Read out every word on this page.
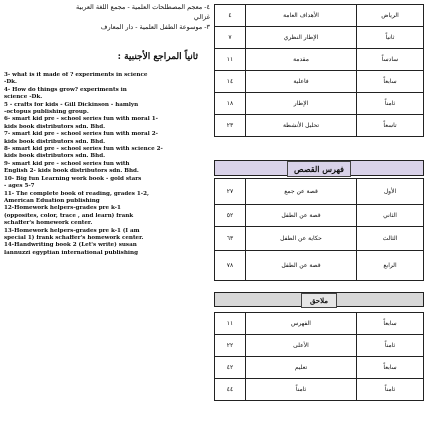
٤- معجم المصطلحات العلمية - مجمع اللغة العربية
غزالي
٣- موسوعة الطفل العلمية - دار المعارف
ثانياً المراجع الأجنبية :
3- what is it made of ? experiments in science
-Dk.
4- How do things grow? experiments in
science -Dk.
5 - crafts for kids - Gill Dickinson - hamlyn
-octopus publishing group.
6- smart kid pre - school series fun with moral 1-
kids book distributors sdn. Bhd.
7- smart kid pre - school series fun with moral 2-
kids book distributors sdn. Bhd.
8- smart kid pre - school series fun with science 2-
kids book distributors sdn. Bhd.
9- smart kid pre - school series fun with
English 2- kids book distributors sdn. Bhd.
10- Big fun Learning work book - gold stars
- ages 5-7
11- The complete book of reading, grades 1-2,
American Eduation publishing
12-Homework helpers-grades pre k-1
(opposites, color, trace , and learn) frank
schaffer's homework center.
13-Homework helpers-grades pre k-1 (I am
special 1) frank schaffer's homework center.
14-Handwriting book 2 (Let's write) susan
lannuzzi egyptian international publishing
٤	الأهداف العامة	الرياض
٧	الإطار النظري	ثانياً
١١	مقدمة	سادساً
١٤	فاعلية	سابعاً
١٨	الإطار	ثامناً
٢٣	تحليل الأنشطة	تاسعاً
فهرس القصص
٢٧	قصة عن جمع	الأول
٥٢	قصة عن الطفل	الثاني
٦٣	حكاية عن الطفل	الثالث
٧٨	قصة عن الطفل	الرابع
ملاحق
١١	الفهرس	سابعاً
٢٢	الأعلى	ثامناً
٤٢	تعليم	سابعاً
٤٤	ثامناً	ثامناً
